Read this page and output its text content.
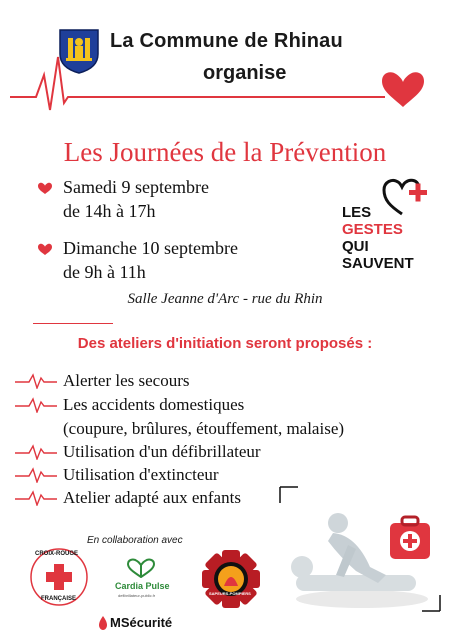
La Commune de Rhinau
organise
Les Journées de la Prévention
Samedi 9 septembre
de 14h à 17h
Dimanche 10 septembre
de 9h à 11h
LES
GESTES
QUI
SAUVENT
Salle Jeanne d'Arc - rue du Rhin
Des ateliers d'initiation seront proposés :
Alerter les secours
Les accidents domestiques
(coupure, brûlures, étouffement, malaise)
Utilisation d'un défibrillateur
Utilisation d'extincteur
Atelier adapté aux enfants
En collaboration avec
CROIX-ROUGE
FRANÇAISE
Cardia Pulse
defibrillateur-public.fr	SAPEURS-POMPIERS
MSécurité
